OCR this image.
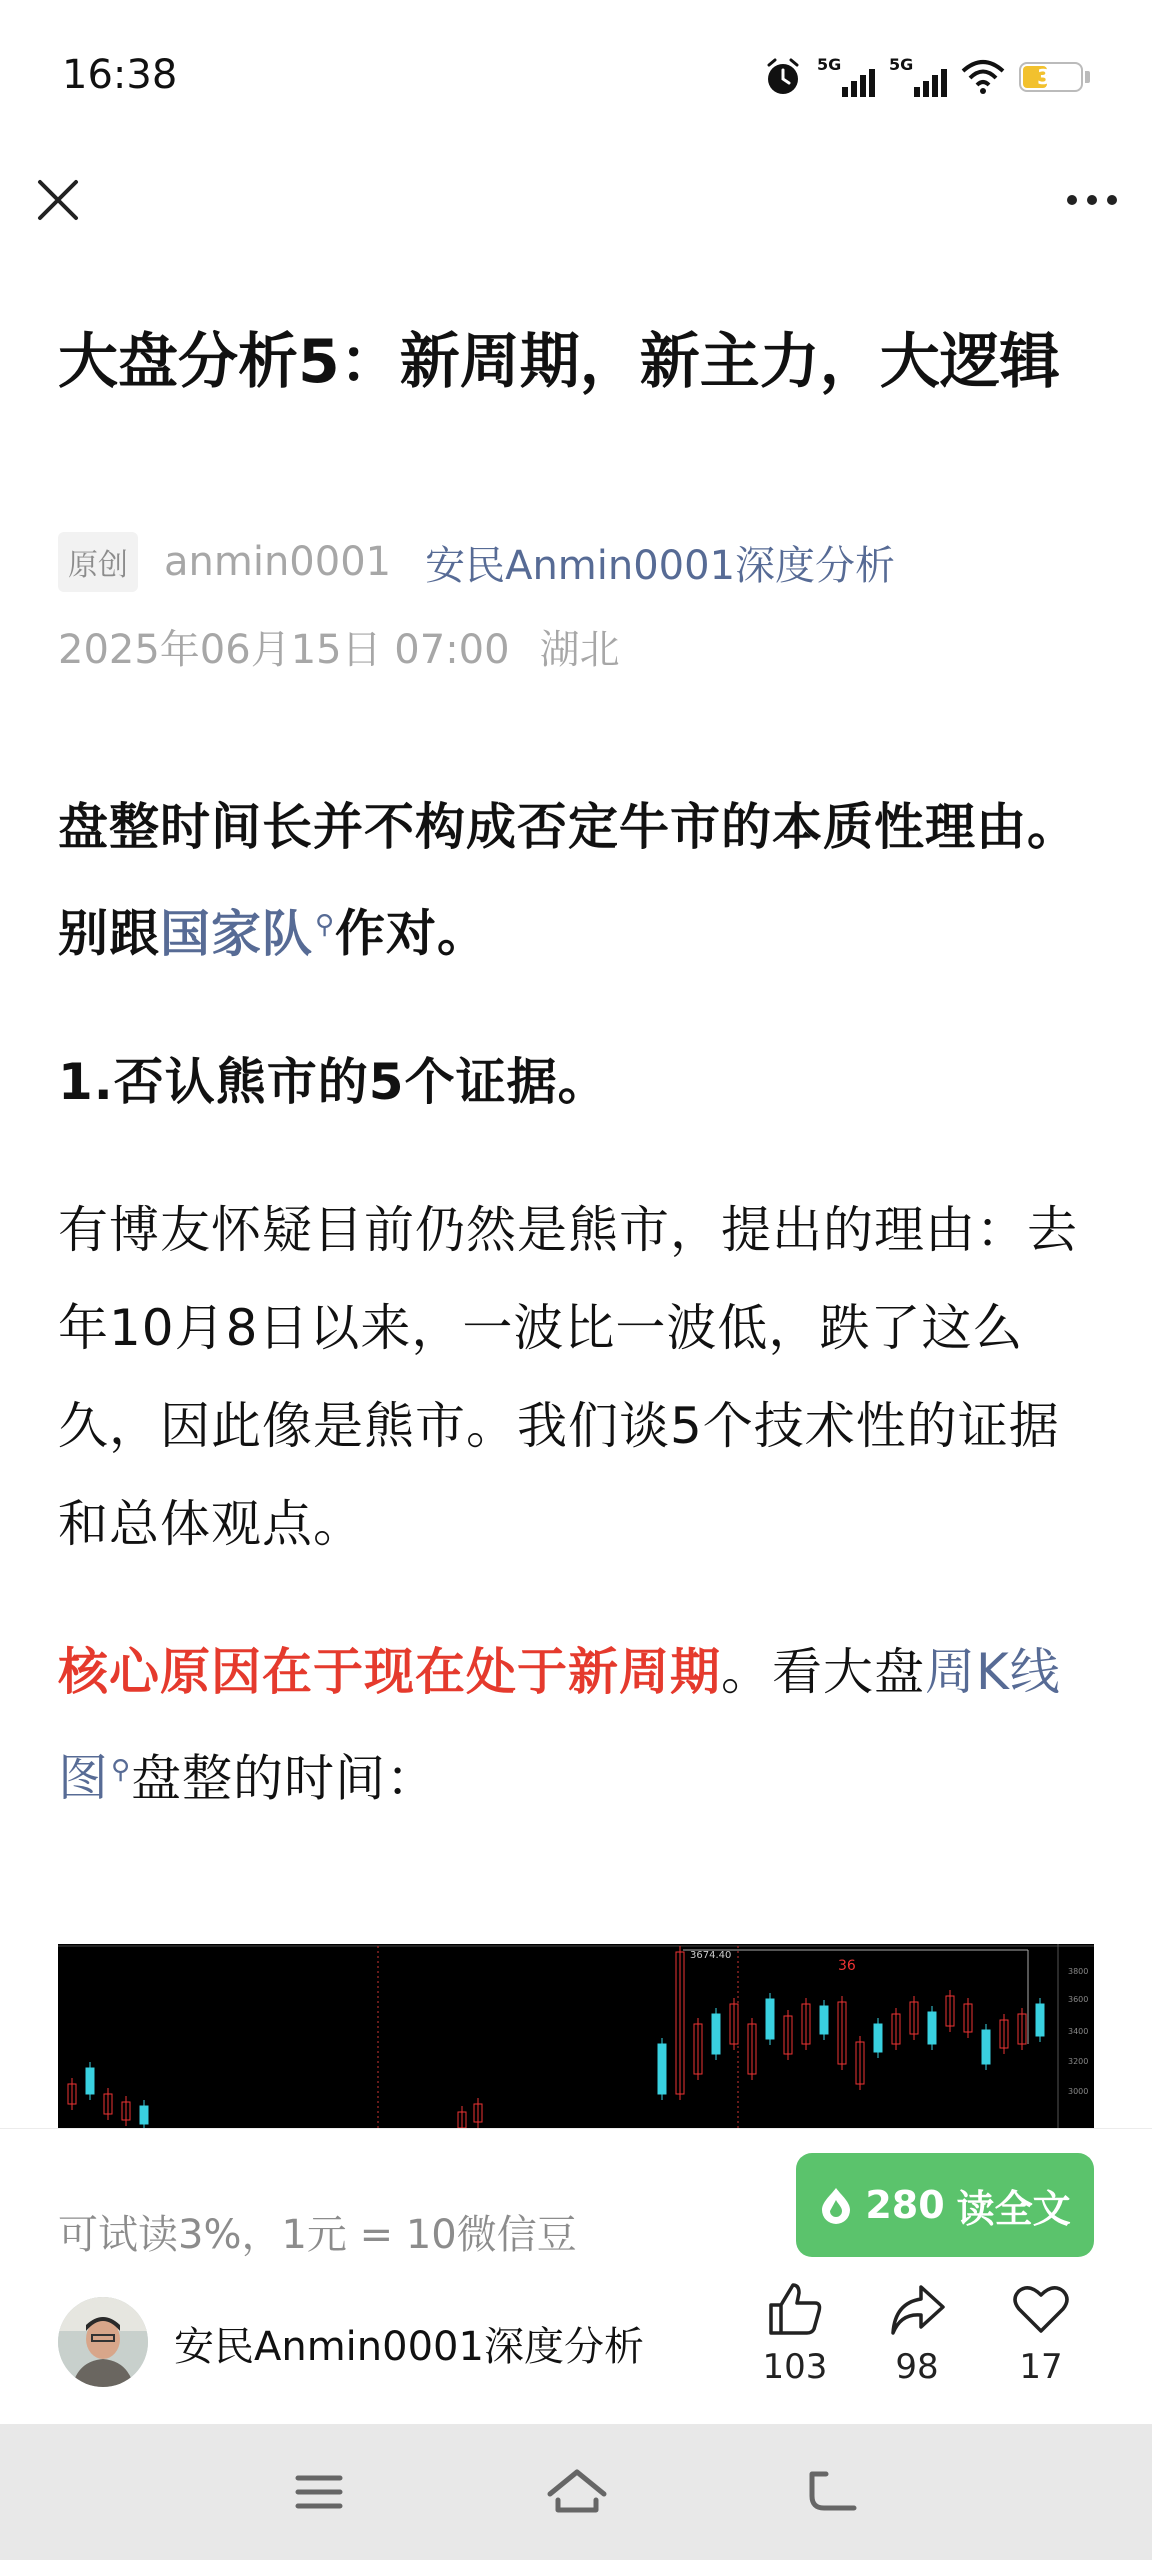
16:38	5G	5G
33
大盘分析5：新周期，新主力，大逻辑
原创 anmin0001 安民Anmin0001深度分析
2025年06月15日 07:00 湖北

盘整时间长并不构成否定牛市的本质性理由。别跟国家队⚲作对。

1.否认熊市的5个证据。

有博友怀疑目前仍然是熊市，提出的理由：去年10月8日以来，一波比一波低，跌了这么久，因此像是熊市。我们谈5个技术性的证据和总体观点。

核心原因在于现在处于新周期。看大盘周K线图⚲盘整的时间：

3674.40
36	3800
3600
3400
3200
3000
可试读3%，1元 = 10微信豆
280 读全文
安民Anmin0001深度分析	103	98	17
